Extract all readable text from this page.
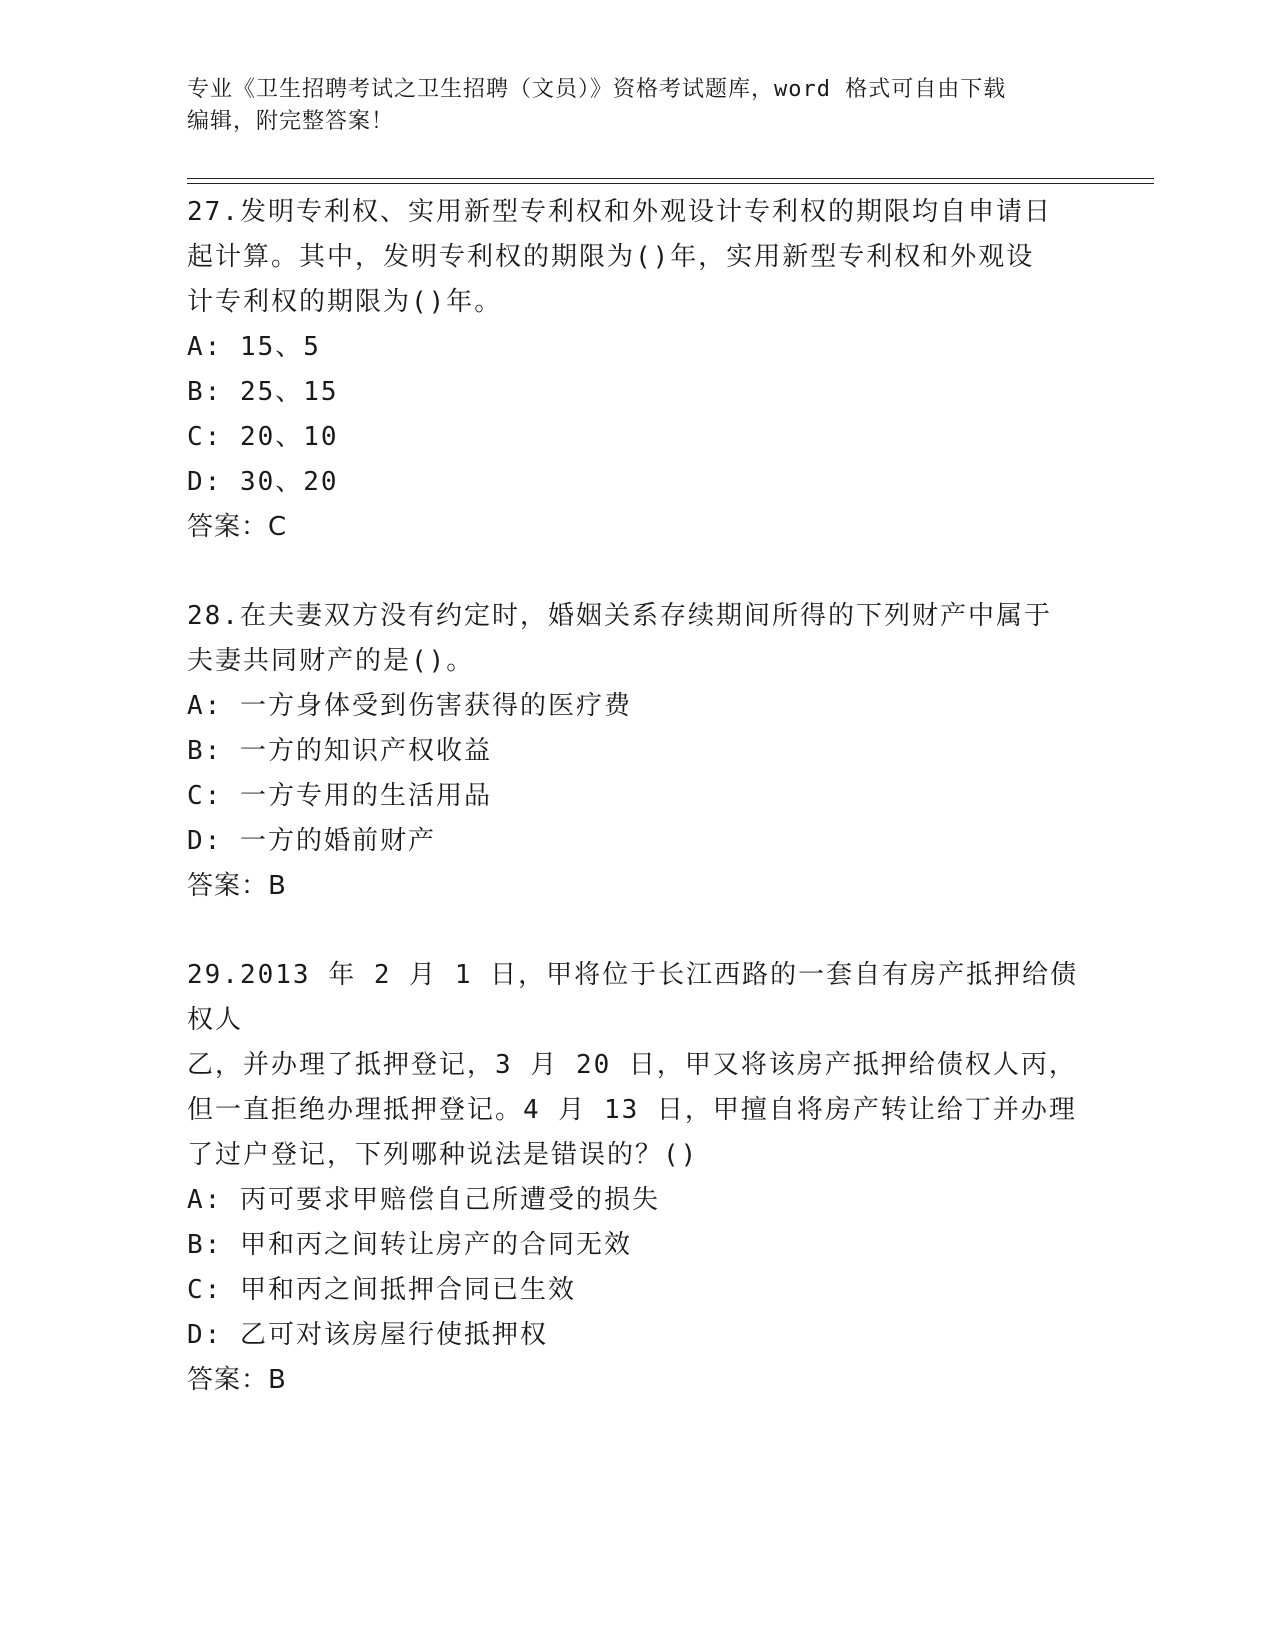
专业《卫生招聘考试之卫生招聘（文员）》资格考试题库，word 格式可自由下载
编辑，附完整答案！

27.发明专利权、实用新型专利权和外观设计专利权的期限均自申请日

起计算。其中，发明专利权的期限为()年，实用新型专利权和外观设

计专利权的期限为()年。

A: 15、5

B: 25、15

C: 20、10

D: 30、20

答案：C

28.在夫妻双方没有约定时，婚姻关系存续期间所得的下列财产中属于

夫妻共同财产的是()。

A: 一方身体受到伤害获得的医疗费

B: 一方的知识产权收益

C: 一方专用的生活用品

D: 一方的婚前财产

答案：B

29.2013 年 2 月 1 日，甲将位于长江西路的一套自有房产抵押给债权人

乙，并办理了抵押登记，3 月 20 日，甲又将该房产抵押给债权人丙，

但一直拒绝办理抵押登记。4 月 13 日，甲擅自将房产转让给丁并办理

了过户登记，下列哪种说法是错误的？()

A: 丙可要求甲赔偿自己所遭受的损失

B: 甲和丙之间转让房产的合同无效

C: 甲和丙之间抵押合同已生效

D: 乙可对该房屋行使抵押权

答案：B
